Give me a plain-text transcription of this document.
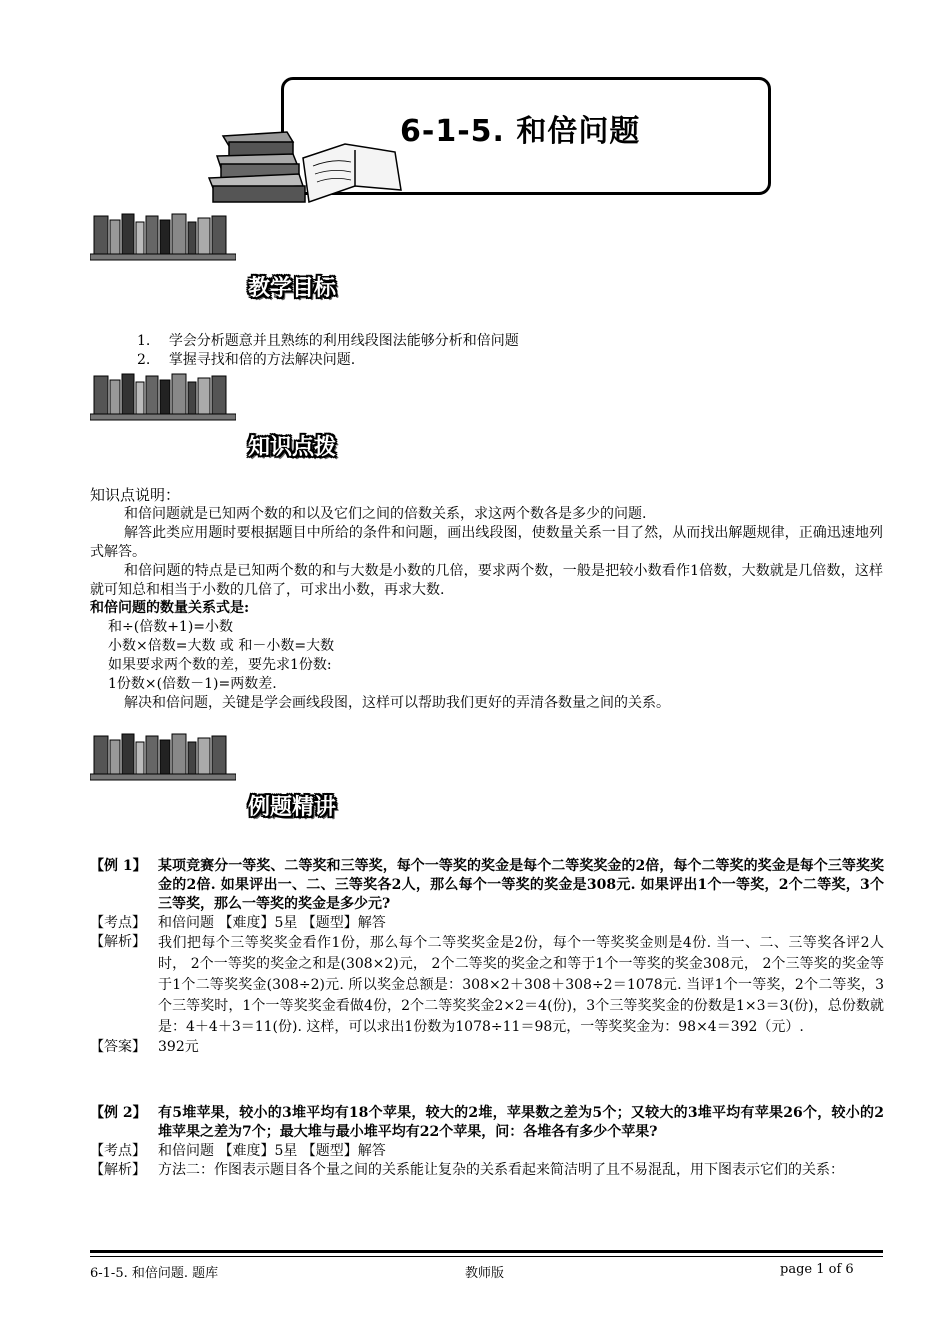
6-1-5. 和倍问题
教学目标
1. 学会分析题意并且熟练的利用线段图法能够分析和倍问题
2. 掌握寻找和倍的方法解决问题.
知识点拨
知识点说明：
和倍问题就是已知两个数的和以及它们之间的倍数关系，求这两个数各是多少的问题.
解答此类应用题时要根据题目中所给的条件和问题，画出线段图，使数量关系一目了然，从而找出解题规律，正确迅速地列式解答。
和倍问题的特点是已知两个数的和与大数是小数的几倍，要求两个数，一般是把较小数看作1倍数，大数就是几倍数，这样就可知总和相当于小数的几倍了，可求出小数，再求大数.
和倍问题的数量关系式是:
和÷(倍数+1)=小数
小数×倍数=大数 或 和－小数=大数
如果要求两个数的差，要先求1份数:
1份数×(倍数－1)=两数差.
解决和倍问题，关键是学会画线段图，这样可以帮助我们更好的弄清各数量之间的关系。
例题精讲
【例 1】 某项竞赛分一等奖、二等奖和三等奖，每个一等奖的奖金是每个二等奖奖金的2倍，每个二等奖的奖金是每个三等奖奖金的2倍. 如果评出一、二、三等奖各2人，那么每个一等奖的奖金是308元. 如果评出1个一等奖，2个二等奖，3个三等奖，那么一等奖的奖金是多少元?
【考点】 和倍问题 【难度】5星 【题型】解答
【解析】 我们把每个三等奖奖金看作1份，那么每个二等奖奖金是2份，每个一等奖奖金则是4份. 当一、二、三等奖各评2人时， 2个一等奖的奖金之和是(308×2)元， 2个二等奖的奖金之和等于1个一等奖的奖金308元， 2个三等奖的奖金等于1个二等奖奖金(308÷2)元. 所以奖金总额是：308×2＋308＋308÷2＝1078元. 当评1个一等奖，2个二等奖，3个三等奖时，1个一等奖奖金看做4份，2个二等奖奖金2×2＝4(份)，3个三等奖奖金的份数是1×3＝3(份)，总份数就是：4＋4＋3＝11(份). 这样，可以求出1份数为1078÷11＝98元，一等奖奖金为：98×4＝392（元）.
【答案】 392元
【例 2】 有5堆苹果，较小的3堆平均有18个苹果，较大的2堆，苹果数之差为5个；又较大的3堆平均有苹果26个，较小的2堆苹果之差为7个；最大堆与最小堆平均有22个苹果，问：各堆各有多少个苹果?
【考点】 和倍问题 【难度】5星 【题型】解答
【解析】 方法二：作图表示题目各个量之间的关系能让复杂的关系看起来简洁明了且不易混乱，用下图表示它们的关系：
6-1-5. 和倍问题. 题库	教师版	page 1 of 6
